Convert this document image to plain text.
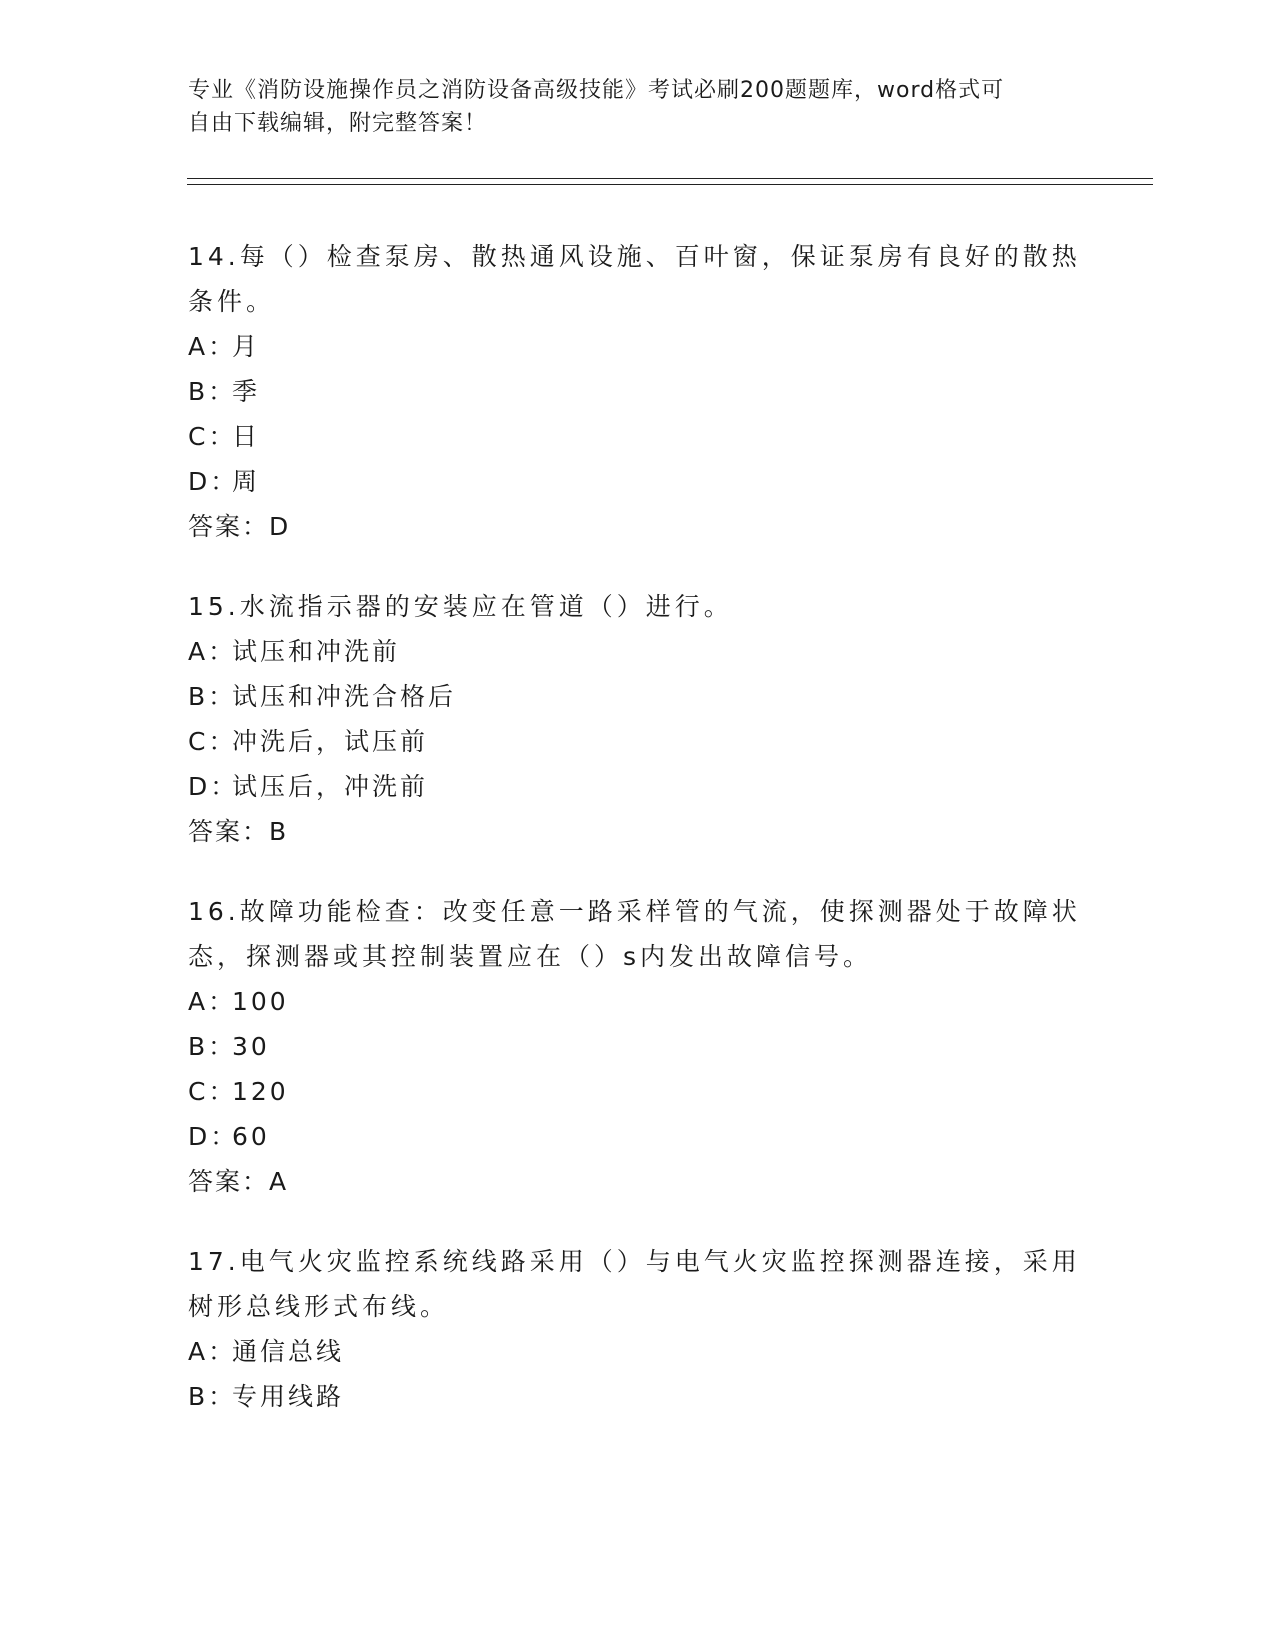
专业《消防设施操作员之消防设备高级技能》考试必刷200题题库，word格式可
自由下载编辑，附完整答案！
14.每（）检查泵房、散热通风设施、百叶窗，保证泵房有良好的散热
条件。
A：
月
B：
季
C：
日
D：
周
答案：D
15.水流指示器的安装应在管道（）进行。
A：
试压和冲洗前
B：
试压和冲洗合格后
C：
冲洗后，试压前
D：
试压后，冲洗前
答案：B
16.故障功能检查：改变任意一路采样管的气流，使探测器处于故障状
态，探测器或其控制装置应在（）s内发出故障信号。
A：
100
B：
30
C：
120
D：
60
答案：A
17.电气火灾监控系统线路采用（）与电气火灾监控探测器连接，采用
树形总线形式布线。
A：
通信总线
B：
专用线路
